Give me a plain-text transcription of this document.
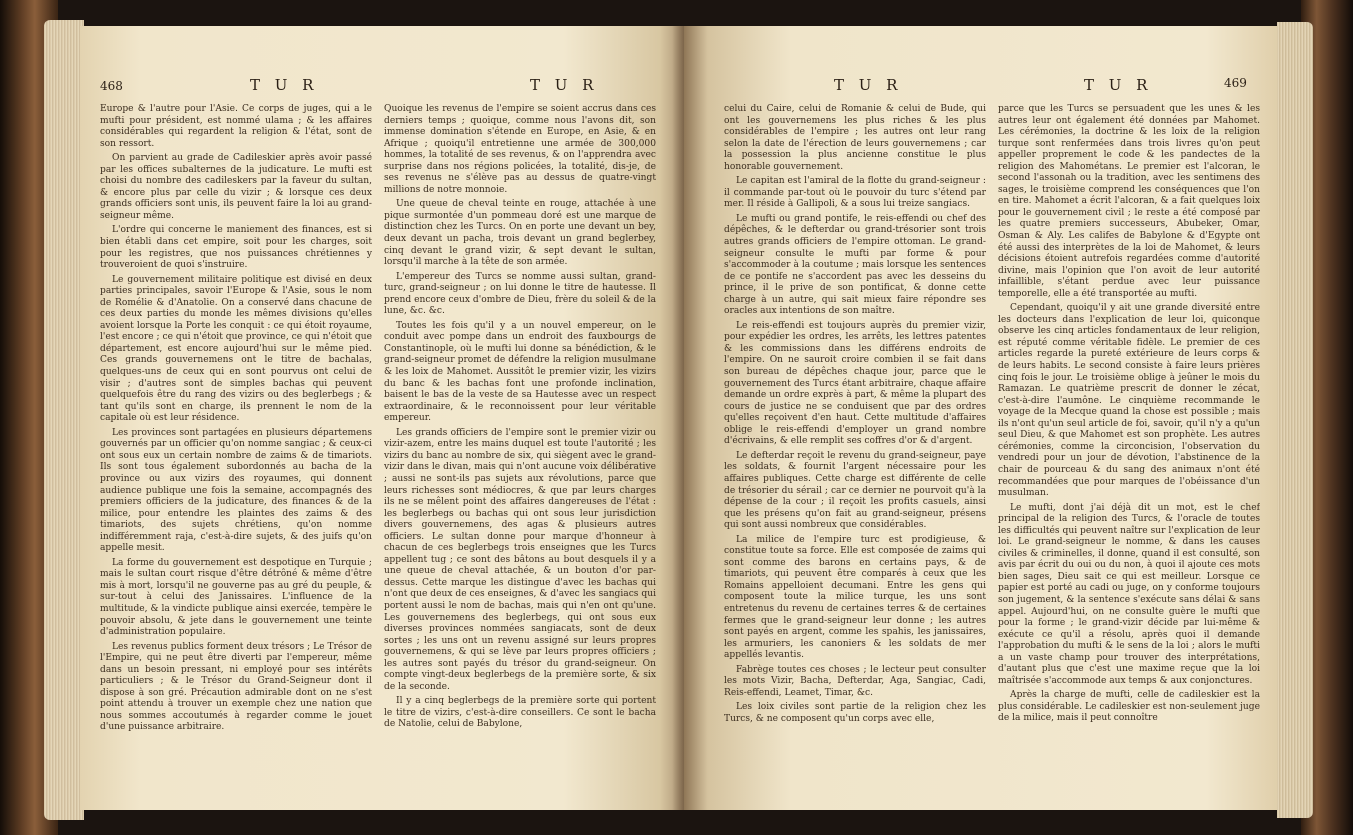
468	T U R	T U R

Europe & l'autre pour l'Asie. Ce corps de juges, qui a le mufti pour président, est nommé ulama ; & les affaires considérables qui regardent la religion & l'état, sont de son ressort.

On parvient au grade de Cadileskier après avoir passé par les offices subalternes de la judicature. Le mufti est choisi du nombre des cadileskers par la faveur du sultan, & encore plus par celle du vizir ; & lorsque ces deux grands officiers sont unis, ils peuvent faire la loi au grand-seigneur même.

L'ordre qui concerne le maniement des finances, est si bien établi dans cet empire, soit pour les charges, soit pour les registres, que nos puissances chrétiennes y trouveroient de quoi s'instruire.

Le gouvernement militaire politique est divisé en deux parties principales, savoir l'Europe & l'Asie, sous le nom de Romélie & d'Anatolie. On a conservé dans chacune de ces deux parties du monde les mêmes divisions qu'elles avoient lorsque la Porte les conquit : ce qui étoit royaume, l'est encore ; ce qui n'étoit que province, ce qui n'étoit que département, est encore aujourd'hui sur le même pied. Ces grands gouvernemens ont le titre de bachalas, quelques-uns de ceux qui en sont pourvus ont celui de visir ; d'autres sont de simples bachas qui peuvent quelquefois être du rang des vizirs ou des beglerbegs ; & tant qu'ils sont en charge, ils prennent le nom de la capitale où est leur résidence.

Les provinces sont partagées en plusieurs départemens gouvernés par un officier qu'on nomme sangiac ; & ceux-ci ont sous eux un certain nombre de zaims & de timariots. Ils sont tous également subordonnés au bacha de la province ou aux vizirs des royaumes, qui donnent audience publique une fois la semaine, accompagnés des premiers officiers de la judicature, des finances & de la milice, pour entendre les plaintes des zaims & des timariots, des sujets chrétiens, qu'on nomme indifféremment raja, c'est-à-dire sujets, & des juifs qu'on appelle mesit.

La forme du gouvernement est despotique en Turquie ; mais le sultan court risque d'être détrôné & même d'être mis à mort, lorsqu'il ne gouverne pas au gré du peuple, & sur-tout à celui des Janissaires. L'influence de la multitude, & la vindicte publique ainsi exercée, tempère le pouvoir absolu, & jete dans le gouvernement une teinte d'administration populaire.

Les revenus publics forment deux trésors ; Le Trésor de l'Empire, qui ne peut être diverti par l'empereur, même dans un besoin pressant, ni employé pour ses intérêts particuliers ; & le Trésor du Grand-Seigneur dont il dispose à son gré. Précaution admirable dont on ne s'est point attendu à trouver un exemple chez une nation que nous sommes accoutumés à regarder comme le jouet d'une puissance arbitraire.

Quoique les revenus de l'empire se soient accrus dans ces derniers temps ; quoique, comme nous l'avons dit, son immense domination s'étende en Europe, en Asie, & en Afrique ; quoiqu'il entretienne une armée de 300,000 hommes, la totalité de ses revenus, & on l'apprendra avec surprise dans nos régions policées, la totalité, dis-je, de ses revenus ne s'élève pas au dessus de quatre-vingt millions de notre monnoie.

Une queue de cheval teinte en rouge, attachée à une pique surmontée d'un pommeau doré est une marque de distinction chez les Turcs. On en porte une devant un bey, deux devant un pacha, trois devant un grand beglerbey, cinq devant le grand vizir, & sept devant le sultan, lorsqu'il marche à la tête de son armée.

L'empereur des Turcs se nomme aussi sultan, grand-turc, grand-seigneur ; on lui donne le titre de hautesse. Il prend encore ceux d'ombre de Dieu, frère du soleil & de la lune, &c. &c.

Toutes les fois qu'il y a un nouvel empereur, on le conduit avec pompe dans un endroit des fauxbourgs de Constantinople, où le mufti lui donne sa bénédiction, & le grand-seigneur promet de défendre la religion musulmane & les loix de Mahomet. Aussitôt le premier vizir, les vizirs du banc & les bachas font une profonde inclination, baisent le bas de la veste de sa Hautesse avec un respect extraordinaire, & le reconnoissent pour leur véritable empereur.

Les grands officiers de l'empire sont le premier vizir ou vizir-azem, entre les mains duquel est toute l'autorité ; les vizirs du banc au nombre de six, qui siègent avec le grand-vizir dans le divan, mais qui n'ont aucune voix délibérative ; aussi ne sont-ils pas sujets aux révolutions, parce que leurs richesses sont médiocres, & que par leurs charges ils ne se mêlent point des affaires dangereuses de l'état : les beglerbegs ou bachas qui ont sous leur jurisdiction divers gouvernemens, des agas & plusieurs autres officiers. Le sultan donne pour marque d'honneur à chacun de ces beglerbegs trois enseignes que les Turcs appellent tug ; ce sont des bâtons au bout desquels il y a une queue de cheval attachée, & un bouton d'or par-dessus. Cette marque les distingue d'avec les bachas qui n'ont que deux de ces enseignes, & d'avec les sangiacs qui portent aussi le nom de bachas, mais qui n'en ont qu'une. Les gouvernemens des beglerbegs, qui ont sous eux diverses provinces nommées sangiacats, sont de deux sortes ; les uns ont un revenu assigné sur leurs propres gouvernemens, & qui se lève par leurs propres officiers ; les autres sont payés du trésor du grand-seigneur. On compte vingt-deux beglerbegs de la première sorte, & six de la seconde.

Il y a cinq beglerbegs de la première sorte qui portent le titre de vizirs, c'est-à-dire conseillers. Ce sont le bacha de Natolie, celui de Babylone,

T U R	T U R	469

celui du Caire, celui de Romanie & celui de Bude, qui ont les gouvernemens les plus riches & les plus considérables de l'empire ; les autres ont leur rang selon la date de l'érection de leurs gouvernemens ; car la possession la plus ancienne constitue le plus honorable gouvernement.

Le capitan est l'amiral de la flotte du grand-seigneur : il commande par-tout où le pouvoir du turc s'étend par mer. Il réside à Gallipoli, & a sous lui treize sangiacs.

Le mufti ou grand pontife, le reis-effendi ou chef des dépêches, & le defterdar ou grand-trésorier sont trois autres grands officiers de l'empire ottoman. Le grand-seigneur consulte le mufti par forme & pour s'accommoder à la coutume ; mais lorsque les sentences de ce pontife ne s'accordent pas avec les desseins du prince, il le prive de son pontificat, & donne cette charge à un autre, qui sait mieux faire répondre ses oracles aux intentions de son maître.

Le reis-effendi est toujours auprès du premier vizir, pour expédier les ordres, les arrêts, les lettres patentes & les commissions dans les différens endroits de l'empire. On ne sauroit croire combien il se fait dans son bureau de dépêches chaque jour, parce que le gouvernement des Turcs étant arbitraire, chaque affaire demande un ordre exprès à part, & même la plupart des cours de justice ne se conduisent que par des ordres qu'elles reçoivent d'en haut. Cette multitude d'affaires oblige le reis-effendi d'employer un grand nombre d'écrivains, & elle remplit ses coffres d'or & d'argent.

Le defterdar reçoit le revenu du grand-seigneur, paye les soldats, & fournit l'argent nécessaire pour les affaires publiques. Cette charge est différente de celle de trésorier du sérail ; car ce dernier ne pourvoit qu'à la dépense de la cour ; il reçoit les profits casuels, ainsi que les présens qu'on fait au grand-seigneur, présens qui sont aussi nombreux que considérables.

La milice de l'empire turc est prodigieuse, & constitue toute sa force. Elle est composée de zaims qui sont comme des barons en certains pays, & de timariots, qui peuvent être comparés à ceux que les Romains appelloient decumani. Entre les gens qui composent toute la milice turque, les uns sont entretenus du revenu de certaines terres & de certaines fermes que le grand-seigneur leur donne ; les autres sont payés en argent, comme les spahis, les janissaires, les armuriers, les canoniers & les soldats de mer appellés levantis.

Fabrège toutes ces choses ; le lecteur peut consulter les mots Vizir, Bacha, Defterdar, Aga, Sangiac, Cadi, Reis-effendi, Leamet, Timar, &c.

Les loix civiles sont partie de la religion chez les Turcs, & ne composent qu'un corps avec elle,

parce que les Turcs se persuadent que les unes & les autres leur ont également été données par Mahomet. Les cérémonies, la doctrine & les loix de la religion turque sont renfermées dans trois livres qu'on peut appeller proprement le code & les pandectes de la religion des Mahométans. Le premier est l'alcoran, le second l'assonah ou la tradition, avec les sentimens des sages, le troisième comprend les conséquences que l'on en tire. Mahomet a écrit l'alcoran, & a fait quelques loix pour le gouvernement civil ; le reste a été composé par les quatre premiers successeurs, Abubeker, Omar, Osman & Aly. Les califes de Babylone & d'Egypte ont été aussi des interprètes de la loi de Mahomet, & leurs décisions étoient autrefois regardées comme d'autorité divine, mais l'opinion que l'on avoit de leur autorité infaillible, s'étant perdue avec leur puissance temporelle, elle a été transportée au mufti.

Cependant, quoiqu'il y ait une grande diversité entre les docteurs dans l'explication de leur loi, quiconque observe les cinq articles fondamentaux de leur religion, est réputé comme véritable fidèle. Le premier de ces articles regarde la pureté extérieure de leurs corps & de leurs habits. Le second consiste à faire leurs prières cinq fois le jour. Le troisième oblige à jeûner le mois du Ramazan. Le quatrième prescrit de donner le zécat, c'est-à-dire l'aumône. Le cinquième recommande le voyage de la Mecque quand la chose est possible ; mais ils n'ont qu'un seul article de foi, savoir, qu'il n'y a qu'un seul Dieu, & que Mahomet est son prophète. Les autres cérémonies, comme la circoncision, l'observation du vendredi pour un jour de dévotion, l'abstinence de la chair de pourceau & du sang des animaux n'ont été recommandées que pour marques de l'obéissance d'un musulman.

Le mufti, dont j'ai déjà dit un mot, est le chef principal de la religion des Turcs, & l'oracle de toutes les difficultés qui peuvent naître sur l'explication de leur loi. Le grand-seigneur le nomme, & dans les causes civiles & criminelles, il donne, quand il est consulté, son avis par écrit du oui ou du non, à quoi il ajoute ces mots bien sages, Dieu sait ce qui est meilleur. Lorsque ce papier est porté au cadi ou juge, on y conforme toujours son jugement, & la sentence s'exécute sans délai & sans appel. Aujourd'hui, on ne consulte guère le mufti que pour la forme ; le grand-vizir décide par lui-même & exécute ce qu'il a résolu, après quoi il demande l'approbation du mufti & le sens de la loi ; alors le mufti a un vaste champ pour trouver des interprétations, d'autant plus que c'est une maxime reçue que la loi maîtrisée s'accommode aux temps & aux conjonctures.

Après la charge de mufti, celle de cadileskier est la plus considérable. Le cadileskier est non-seulement juge de la milice, mais il peut connoître
